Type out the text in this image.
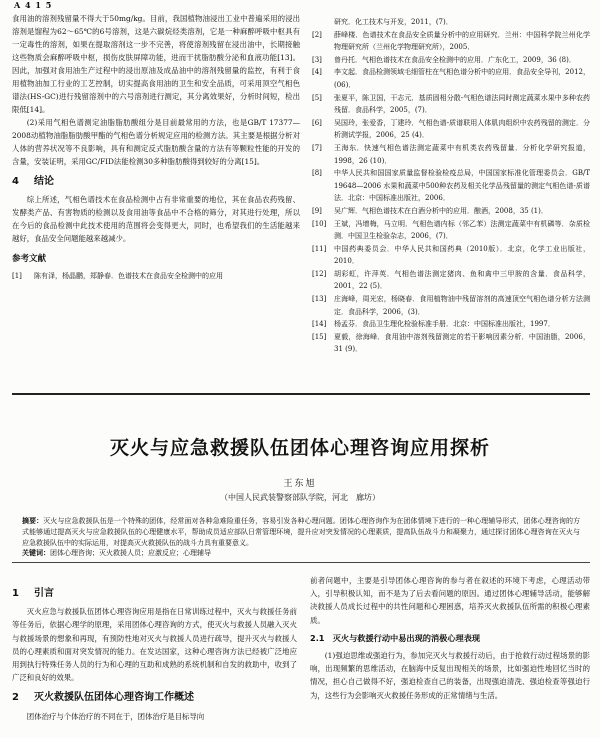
A 4 1 5

食用油的溶剂残留量不得大于50mg/kg。目前，我国植物油浸出工业中普遍采用的浸出溶剂是馏程为62～65℃的6号溶剂，这是六碳烷烃类溶剂，它是一种麻醉呼吸中枢具有一定毒性的溶剂，如果在提取溶剂这一步不完善，将使溶剂残留在浸出油中，长期接触这些物质会麻醉呼吸中枢，损伤皮肤屏障功能，进而干扰脂肪酸分泌和血液功能[13]。因此，加强对食用油生产过程中的浸出原油及成品油中的溶剂残留量的监控，有利于食用植物油加工行业的工艺控制，切实提高食用油的卫生和安全品质，可采用顶空气相色谱法(HS-GC)进行残留溶剂中的六号溶剂进行测定，其分离效果好，分析时间短，检出限低[14]。

(2)采用气相色谱测定油脂脂肪酸组分是目前最常用的方法，也是GB/T 17377—2008动植物油脂脂肪酸甲酯的气相色谱分析规定应用的检测方法。其主要是根据分析对人体的营养状况等不良影响，具有和测定反式脂肪酸含量的方法有等颗粒性能的开发的含量，安装证明，采用GC/FID法能检测30多种脂肪酸得到较好的分离[15]。

4 结论

综上所述，气相色谱技术在食品检测中占有非常重要的地位，其在食品农药残留、发酵类产品、有害物质的检测以及食用油等食品中不合格的筛分，对其进行处理，所以在今后的食品检测中此技术使用的范围将会变得更大，同时，也希望我们的生活能越来越好，食品安全问题能越来越减少。

参考文献
[1]	陈有泽，杨晶鹏，郑静春．色谱技术在食品安全检测中的应用
研究．化工技术与开发，2011，(7)．
[2]	薛峰楼．色谱技术在食品安全质量分析中的应用研究．兰州：中国科学院兰州化学物理研究所（兰州化学物理研究所），2005．
[3]	曾丹托．气相色谱技术在食品安全检测中的应用．广东化工，2009，36 (8)．
[4]	李文起．食品检测领域毛细管柱在气相色谱分析中的应用．食品安全导刊，2012，(06)．
[5]	张夏平，陈卫国，干志元．基质固相分散-气相色谱法同时测定蔬菜水果中多种农药残留．食品科学，2005，(7)．
[6]	吴国玲，张爱香，丁建玲．气相色谱-质谱联用人体肌肉组织中农药残留的测定．分析测试学报，2006，25 (4)．
[7]	王海东．快速气相色谱法测定蔬菜中有机类农药残留量．分析化学研究报道，1998，26 (10)．
[8]	中华人民共和国国家质量监督检验检疫总局，中国国家标准化管理委员会．GB/T 19648—2006 水果和蔬菜中500种农药及相关化学品残留量的测定气相色谱-质谱法．北京：中国标准出版社，2006．
[9]	吴广辉．气相色谱技术在白酒分析中的应用．酿酒，2008，35 (1)．
[10]	王斌，冯增梅，马立明．气相色谱内标（邻乙苯）法测定蔬菜中有机磷等．杂质检测．中国卫生检验杂志，2006，(7)．
[11]	中国药典委员会．中华人民共和国药典（2010版）．北京，化学工业出版社，2010．
[12]	胡彩虹，许萍英．气相色谱法测定猪肉、鱼和禽中三甲胺的含量．食品科学，2001，22 (5)．
[13]	庄海峰，周光宏，杨晓春．食用植物油中残留溶剂的高速顶空气相色谱分析方法测定．食品科学，2006，(3)．
[14]	杨孟芬．食品卫生理化检验标准手册．北京：中国标准出版社，1997．
[15]	夏毅，徐海峰．食用油中溶剂残留测定的若干影响因素分析．中国油脂，2006，31 (9)．
灭火与应急救援队伍团体心理咨询应用探析
王东旭
（中国人民武装警察部队学院，河北　廊坊）
摘要：灭火与应急救援队伍是一个特殊的团体，经常面对各种急难险重任务，容易引发各种心理问题。团体心理咨询作为在团体情境下进行的一种心理辅导形式，团体心理咨询的方式能够通过提高灭火与应急救援队伍的心理健康水平，帮助成员适应部队日常管理环境，提升应对突发情况的心理素质，提高队伍战斗力和凝聚力，通过探讨团体心理咨询在灭火与应急救援队伍中的实际运用，对提高灭火救援队伍的战斗力具有重要意义。
关键词：团体心理咨询；灭火救援人员；应激反应；心理辅导
1 引言

灭火应急与救援队伍团体心理咨询应用是指在日常训练过程中，灭火与救援任务前等任务后，依据心理学的原理，采用团体心理咨询的方式，使灭火与救援人员融入灭火与救援场景的想象和再现，有预防性地对灭火与救援人员进行疏导，提升灭火与救援人员的心理素质和面对突发情况的能力。在发达国家，这种心理咨询方法已经被广泛地应用到执行特殊任务人员的行为和心理的互助和成熟的系统机制和自发的救助中，收到了广泛和良好的效果。

2 灭火救援队伍团体心理咨询工作概述

团体治疗与个体治疗的不同在于，团体治疗是目标导向

前者问题中，主要是引导团体心理咨询的参与者在叙述的环境下考虑，心理活动带入，引导积极认知，而不是为了后去看问题的原因。通过团体心理辅导活动，能够解决救援人员成长过程中的共性问题和心理困惑，培养灭火救援队伍所需的积极心理素质。

2.1　灭火与救援行动中易出现的消极心理表现

(1)强迫思维或强迫行为，参加完灭火与救援行动后，由于抢救行动过程场景的影响，出现频繁的思维活动，在脑海中反复出现相关的场景，比如强迫性地回忆当时的情况，担心自己做得不好，强迫检查自己的装备，出现强迫清洗、强迫检查等强迫行为，这些行为会影响灭火救援任务形成的正常情绪与生活。
